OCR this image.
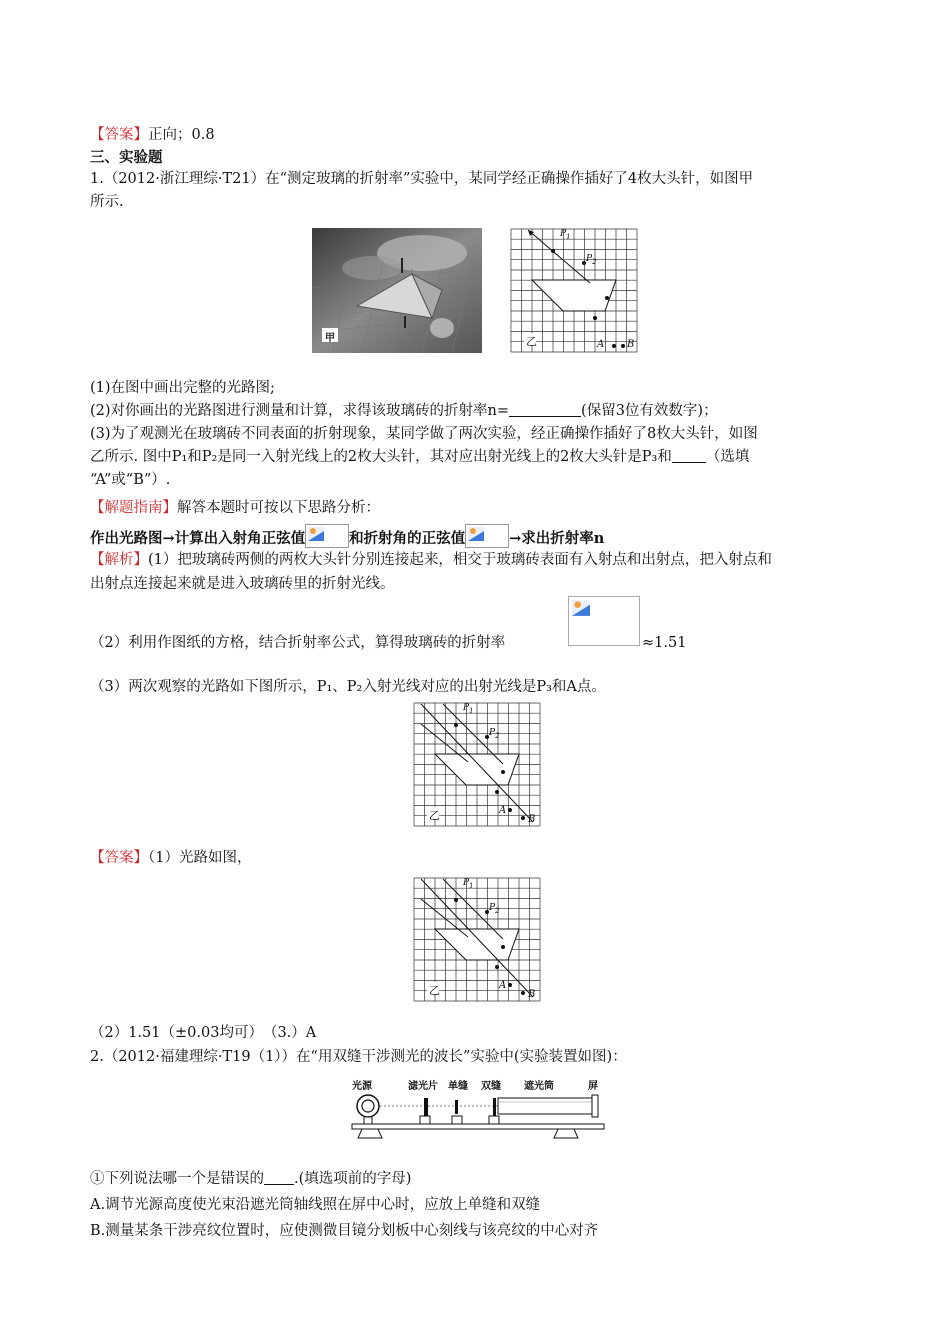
【答案】正向；0.8
三、实验题
1.（2012·浙江理综·T21）在“测定玻璃的折射率”实验中，某同学经正确操作插好了4枚大头针，如图甲
所示.
甲	乙
$P_1$
$P_2$
A B
(1)在图中画出完整的光路图;
(2)对你画出的光路图进行测量和计算，求得该玻璃砖的折射率n=	(保留3位有效数字)；
(3)为了观测光在玻璃砖不同表面的折射现象，某同学做了两次实验，经正确操作插好了8枚大头针，如图
乙所示. 图中P₁和P₂是同一入射光线上的2枚大头针，其对应出射光线上的2枚大头针是P₃和 （选填
“A”或“B”）.
【解题指南】解答本题时可按以下思路分析：
作出光路图→计算出入射角正弦值	和折射角的正弦值	→求出折射率n
【解析】(1）把玻璃砖两侧的两枚大头针分别连接起来，相交于玻璃砖表面有入射点和出射点，把入射点和
出射点连接起来就是进入玻璃砖里的折射光线。
（2）利用作图纸的方格，结合折射率公式，算得玻璃砖的折射率	≈1.51
（3）两次观察的光路如下图所示，P₁、P₂入射光线对应的出射光线是P₃和A点。
乙
$P_1$
$P_2$
A
B
【答案】（1）光路如图，
乙
$P_1$
$P_2$
A
B
（2）1.51（±0.03均可）　（3.）A
2.（2012·福建理综·T19（1））在“用双缝干涉测光的波长”实验中(实验装置如图)：
光源	滤光片 单缝 双缝 遮光筒	屏
①下列说法哪一个是错误的 .(填选项前的字母)
A.调节光源高度使光束沿遮光筒轴线照在屏中心时，应放上单缝和双缝
B.测量某条干涉亮纹位置时，应使测微目镜分划板中心刻线与该亮纹的中心对齐
